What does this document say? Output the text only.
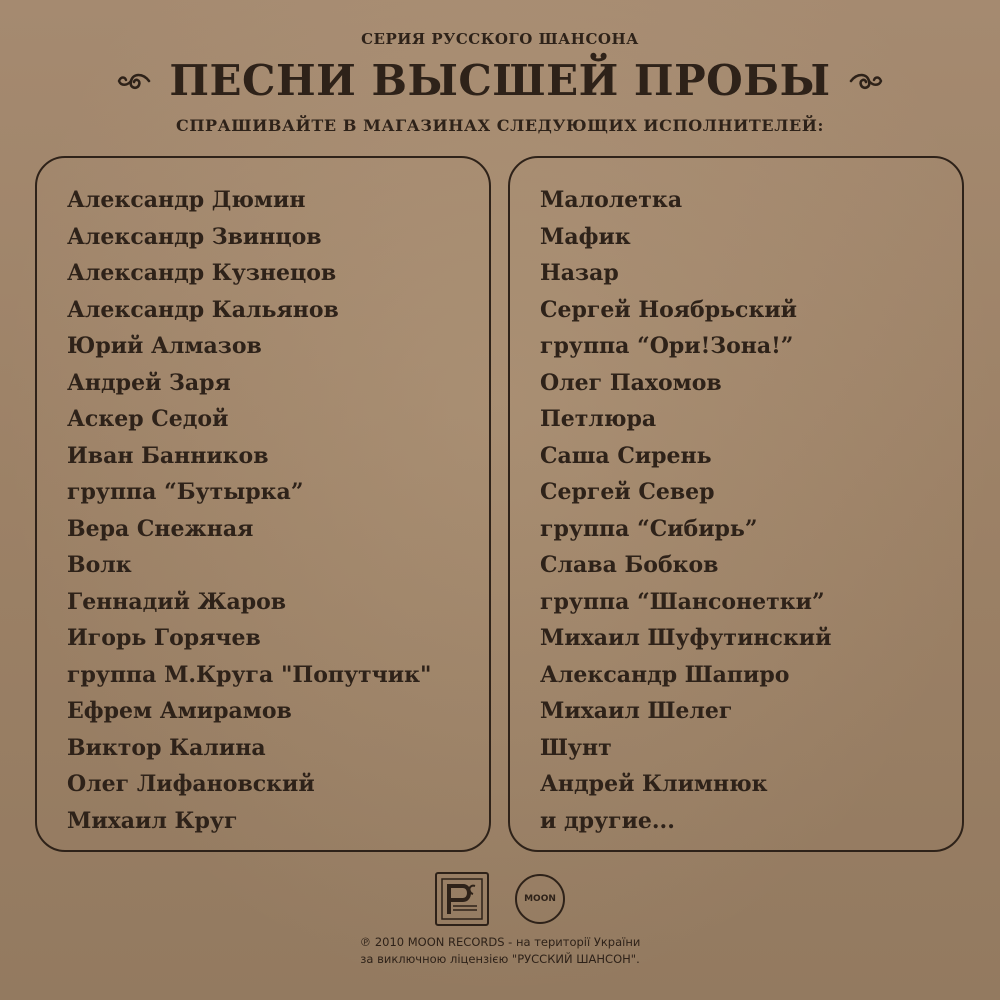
СЕРИЯ РУССКОГО ШАНСОНА
ПЕСНИ ВЫСШЕЙ ПРОБЫ
СПРАШИВАЙТЕ В МАГАЗИНАХ СЛЕДУЮЩИХ ИСПОЛНИТЕЛЕЙ:
Александр Дюмин
Александр Звинцов
Александр Кузнецов
Александр Кальянов
Юрий Алмазов
Андрей Заря
Аскер Седой
Иван Банников
группа “Бутырка”
Вера Снежная
Волк
Геннадий Жаров
Игорь Горячев
группа М.Круга "Попутчик"
Ефрем Амирамов
Виктор Калина
Олег Лифановский
Михаил Круг
Малолетка
Мафик
Назар
Сергей Ноябрьский
группа “Ори!Зона!”
Олег Пахомов
Петлюра
Саша Сирень
Сергей Север
группа “Сибирь”
Слава Бобков
группа “Шансонетки”
Михаил Шуфутинский
Александр Шапиро
Михаил Шелег
Шунт
Андрей Климнюк
и другие...
MOON
℗ 2010 MOON RECORDS - на території України
за виключною ліцензією "РУССКИЙ ШАНСОН".
